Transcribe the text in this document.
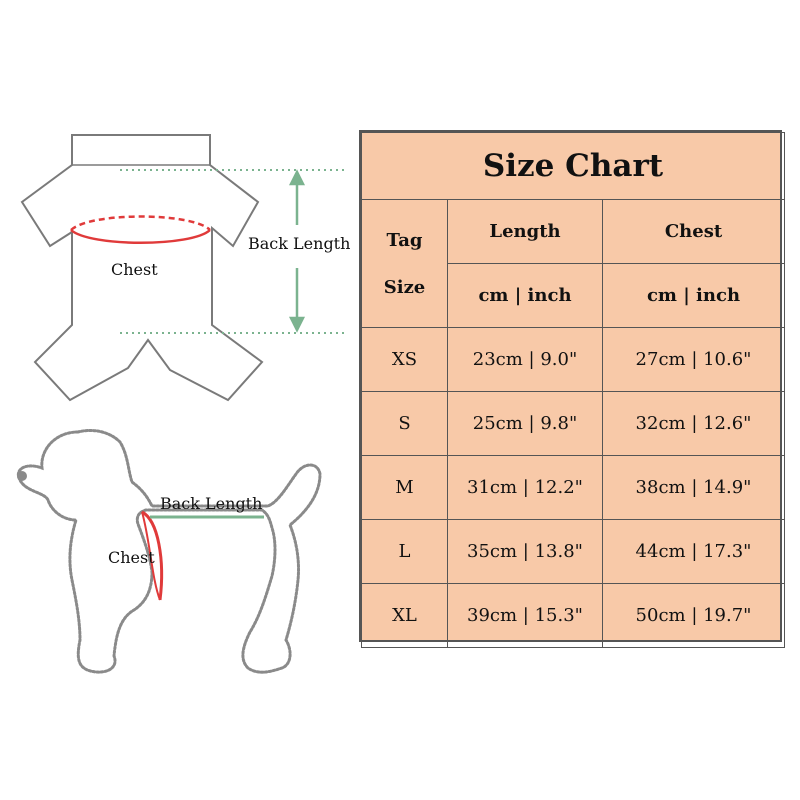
Chest
Back Length
Back Length
Chest
Size Chart		

Tag
Size	Length	Chest
	cm | inch	cm | inch
XS	23cm | 9.0"	27cm | 10.6"
S	25cm | 9.8"	32cm | 12.6"
M	31cm | 12.2"	38cm | 14.9"
L	35cm | 13.8"	44cm | 17.3"
XL	39cm | 15.3"	50cm | 19.7"
